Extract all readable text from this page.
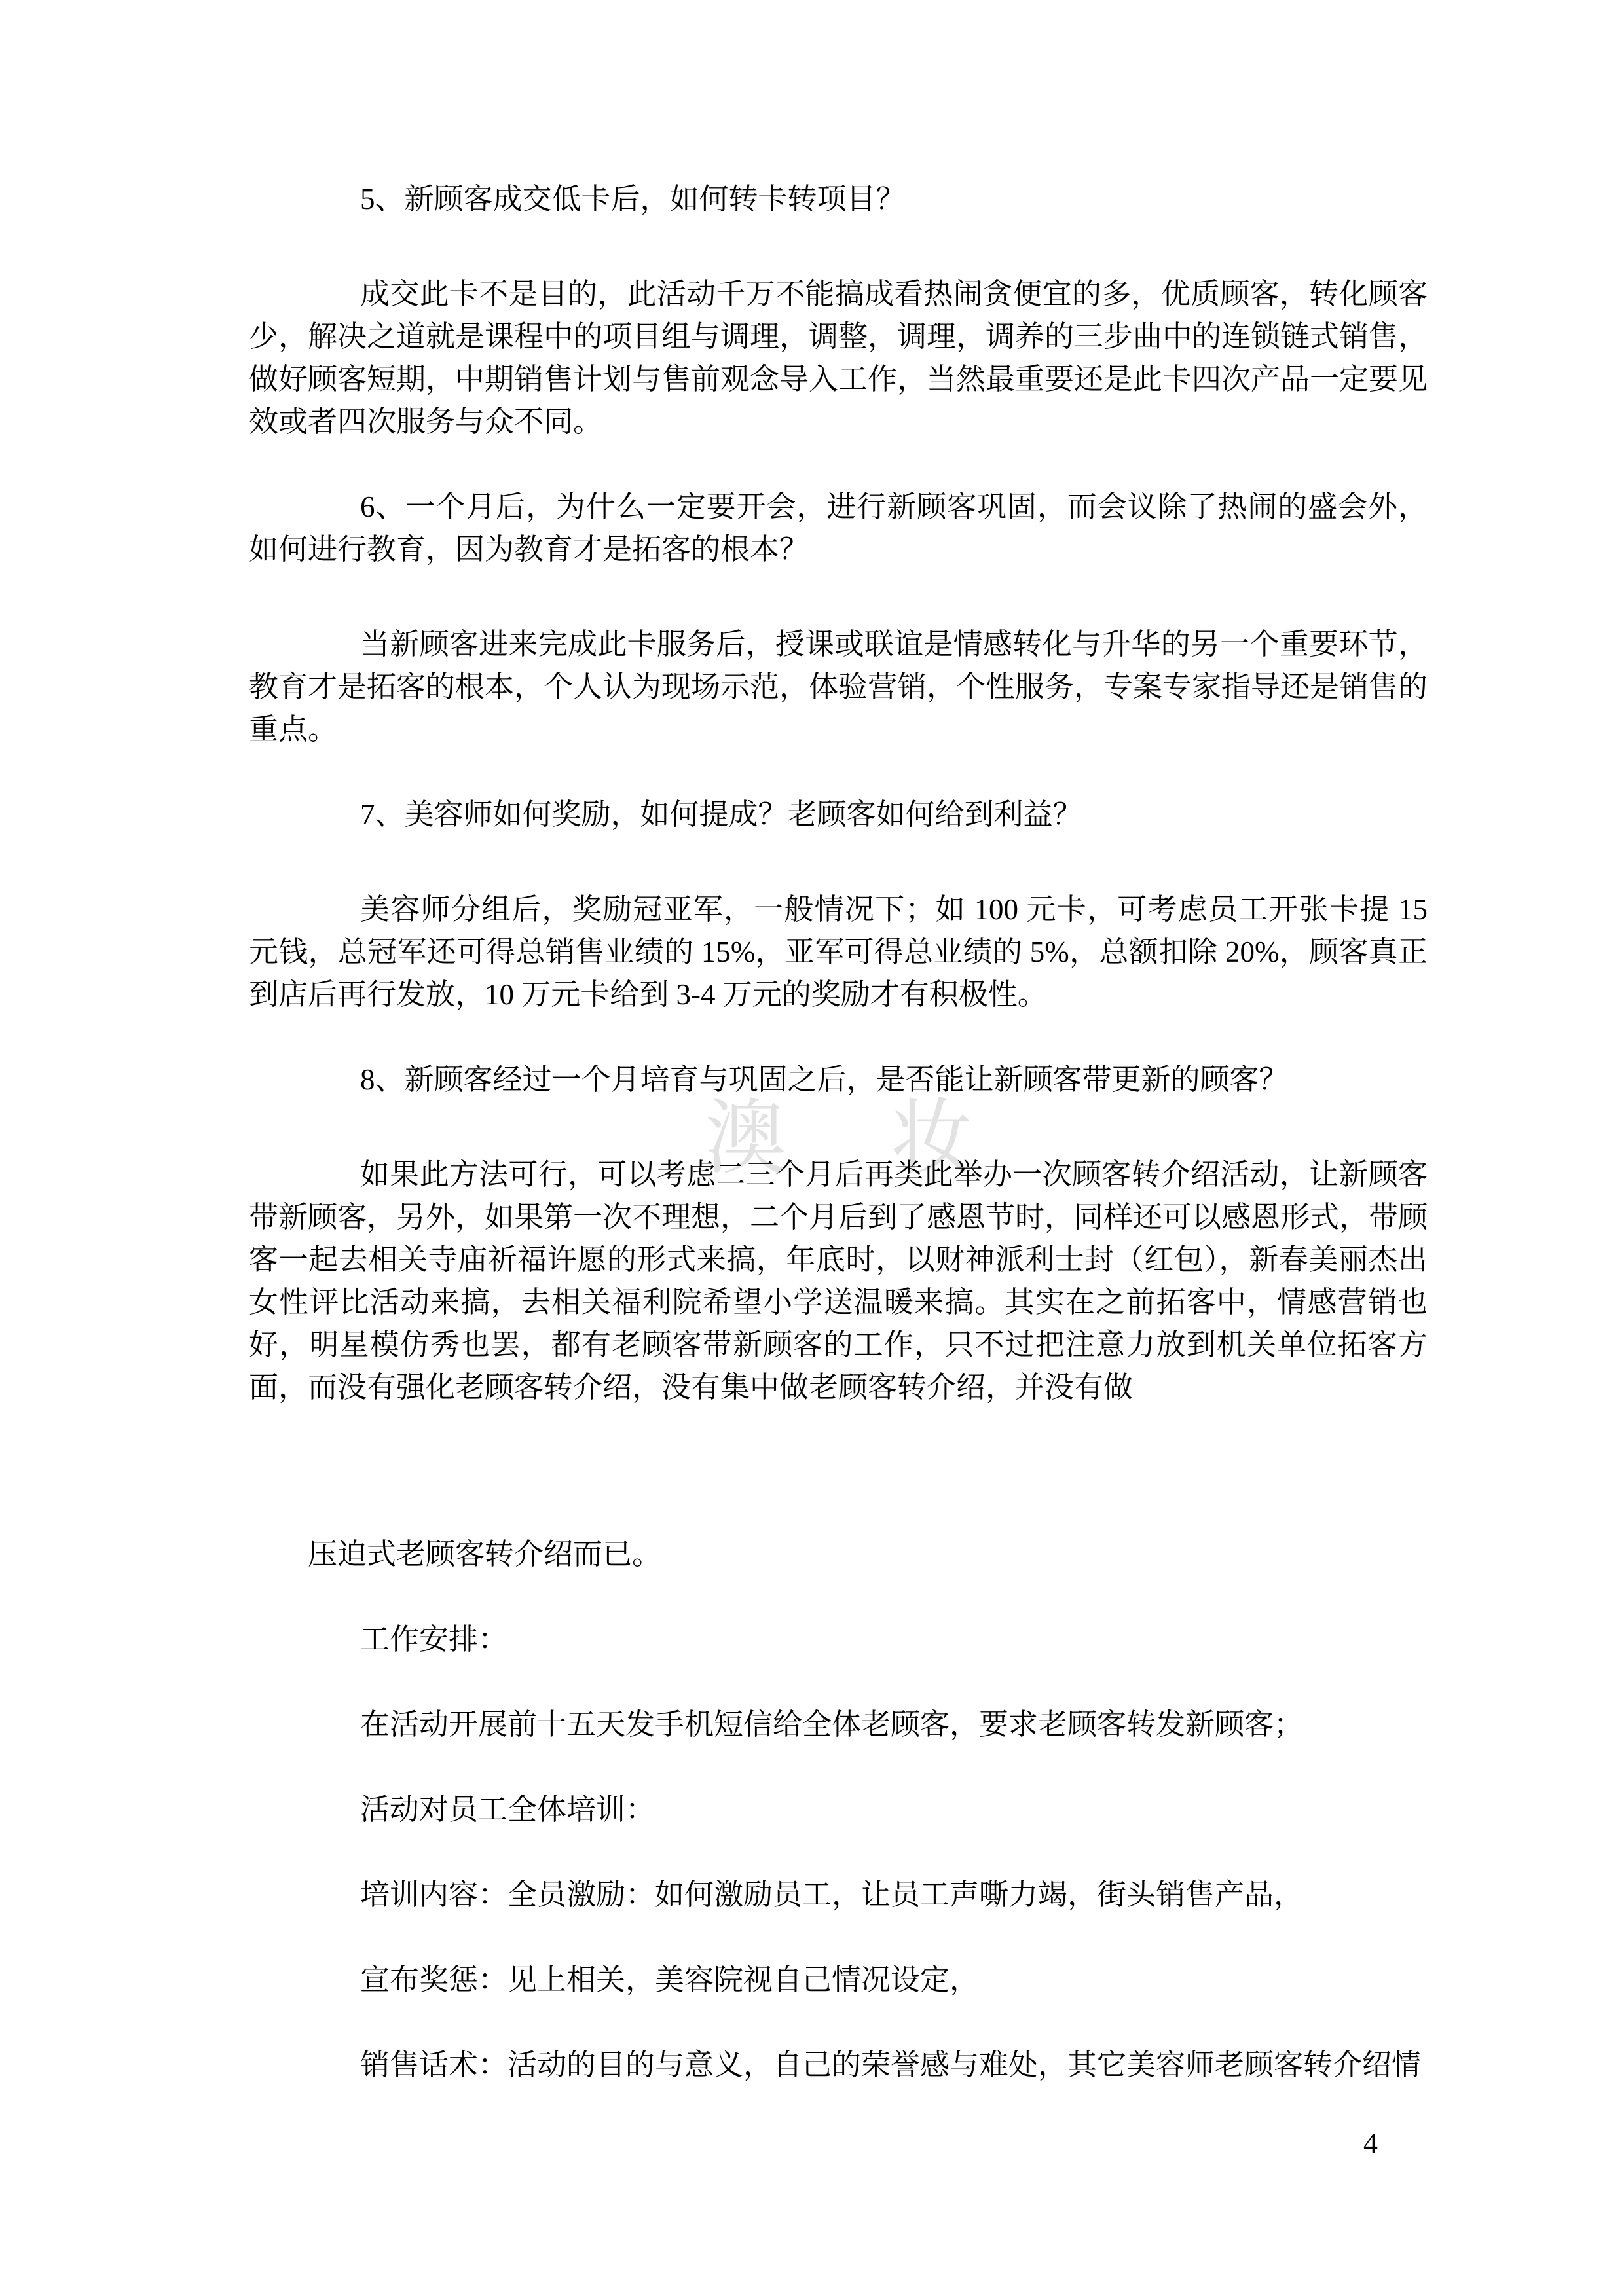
澳 妆

5、新顾客成交低卡后，如何转卡转项目？

成交此卡不是目的，此活动千万不能搞成看热闹贪便宜的多，优质顾客，转化顾客少，解决之道就是课程中的项目组与调理，调整，调理，调养的三步曲中的连锁链式销售，做好顾客短期，中期销售计划与售前观念导入工作，当然最重要还是此卡四次产品一定要见效或者四次服务与众不同。

6、一个月后，为什么一定要开会，进行新顾客巩固，而会议除了热闹的盛会外，如何进行教育，因为教育才是拓客的根本？

当新顾客进来完成此卡服务后，授课或联谊是情感转化与升华的另一个重要环节，教育才是拓客的根本，个人认为现场示范，体验营销，个性服务，专案专家指导还是销售的重点。

7、美容师如何奖励，如何提成？老顾客如何给到利益？

美容师分组后，奖励冠亚军，一般情况下；如 100 元卡，可考虑员工开张卡提 15 元钱，总冠军还可得总销售业绩的 15%，亚军可得总业绩的 5%，总额扣除 20%，顾客真正到店后再行发放，10 万元卡给到 3-4 万元的奖励才有积极性。

8、新顾客经过一个月培育与巩固之后，是否能让新顾客带更新的顾客？

如果此方法可行，可以考虑二三个月后再类此举办一次顾客转介绍活动，让新顾客带新顾客，另外，如果第一次不理想，二个月后到了感恩节时，同样还可以感恩形式，带顾客一起去相关寺庙祈福许愿的形式来搞，年底时，以财神派利士封（红包），新春美丽杰出女性评比活动来搞，去相关福利院希望小学送温暖来搞。其实在之前拓客中，情感营销也好，明星模仿秀也罢，都有老顾客带新顾客的工作，只不过把注意力放到机关单位拓客方面，而没有强化老顾客转介绍，没有集中做老顾客转介绍，并没有做

压迫式老顾客转介绍而已。

工作安排：

在活动开展前十五天发手机短信给全体老顾客，要求老顾客转发新顾客；

活动对员工全体培训：

培训内容：全员激励：如何激励员工，让员工声嘶力竭，街头销售产品，

宣布奖惩：见上相关，美容院视自己情况设定，

销售话术：活动的目的与意义，自己的荣誉感与难处，其它美容师老顾客转介绍情

4
